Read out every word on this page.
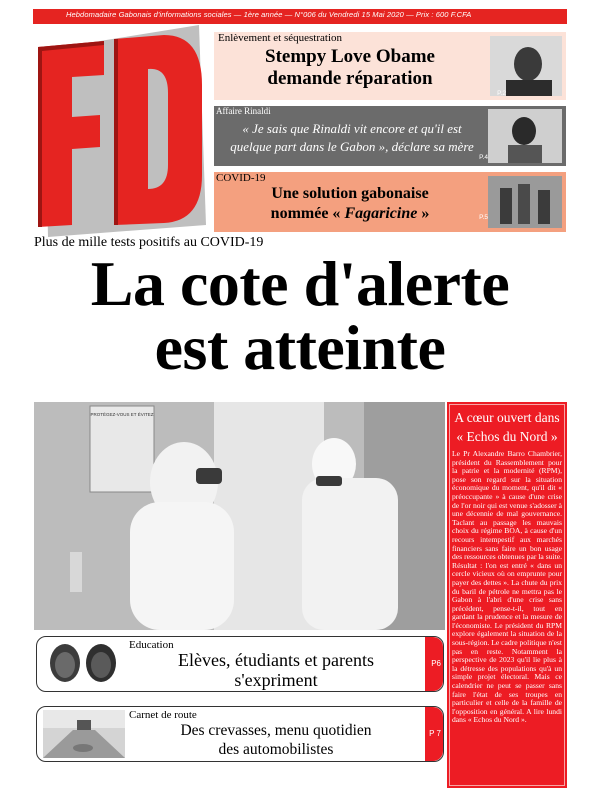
Hebdomadaire Gabonais d'informations sociales — 1ère année — N°006 du Vendredi 15 Mai 2020 — Prix : 600 F.CFA
Enlèvement et séquestration
Stempy Love Obame
demande réparation
P.2
Affaire Rinaldi
« Je sais que Rinaldi vit encore et qu'il est
quelque part dans le Gabon », déclare sa mère
P.4
COVID-19
Une solution gabonaise
nommée « Fagaricine »	P.5
Plus de mille tests positifs au COVID-19
La cote d'alerte
est atteinte
PROTÉGEZ-VOUS ET ÉVITEZ	A cœur ouvert dans
« Echos du Nord »
Le Pr Alexandre Barro Chambrier, président du Rassemblement pour la patrie et la modernité (RPM), pose son regard sur la situation économique du moment, qu'il dit « préoccupante » à cause d'une crise de l'or noir qui est venue s'adosser à une décennie de mal gouvernance. Taclant au passage les mauvais choix du régime BOA, à cause d'un recours intempestif aux marchés financiers sans faire un bon usage des ressources obtenues par la suite. Résultat : l'on est entré « dans un cercle vicieux où on emprunte pour payer des dettes ». La chute du prix du baril de pétrole ne mettra pas le Gabon à l'abri d'une crise sans précédent, pense-t-il, tout en gardant la prudence et la mesure de l'économiste. Le président du RPM explore également la situation de la sous-région. Le cadre politique n'est pas en reste. Notamment la perspective de 2023 qu'il lie plus à la détresse des populations qu'à un simple projet électoral. Mais ce calendrier ne peut se passer sans faire l'état de ses troupes en particulier et celle de la famille de l'opposition en général. A lire lundi dans « Echos du Nord ».
Education
Elèves, étudiants et parents
s'expriment
P6
Carnet de route
Des crevasses, menu quotidien
des automobilistes
P 7
